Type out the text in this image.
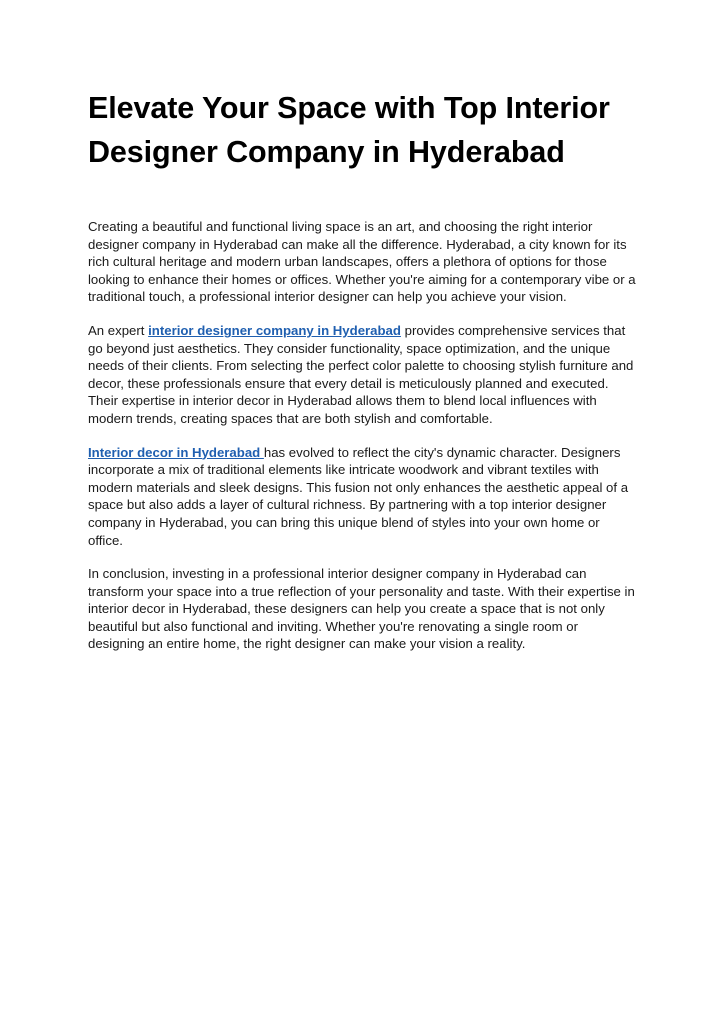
Elevate Your Space with Top Interior Designer Company in Hyderabad

Creating a beautiful and functional living space is an art, and choosing the right interior designer company in Hyderabad can make all the difference. Hyderabad, a city known for its rich cultural heritage and modern urban landscapes, offers a plethora of options for those looking to enhance their homes or offices. Whether you're aiming for a contemporary vibe or a traditional touch, a professional interior designer can help you achieve your vision.

An expert interior designer company in Hyderabad provides comprehensive services that go beyond just aesthetics. They consider functionality, space optimization, and the unique needs of their clients. From selecting the perfect color palette to choosing stylish furniture and decor, these professionals ensure that every detail is meticulously planned and executed. Their expertise in interior decor in Hyderabad allows them to blend local influences with modern trends, creating spaces that are both stylish and comfortable.

Interior decor in Hyderabad has evolved to reflect the city's dynamic character. Designers incorporate a mix of traditional elements like intricate woodwork and vibrant textiles with modern materials and sleek designs. This fusion not only enhances the aesthetic appeal of a space but also adds a layer of cultural richness. By partnering with a top interior designer company in Hyderabad, you can bring this unique blend of styles into your own home or office.

In conclusion, investing in a professional interior designer company in Hyderabad can transform your space into a true reflection of your personality and taste. With their expertise in interior decor in Hyderabad, these designers can help you create a space that is not only beautiful but also functional and inviting. Whether you're renovating a single room or designing an entire home, the right designer can make your vision a reality.
